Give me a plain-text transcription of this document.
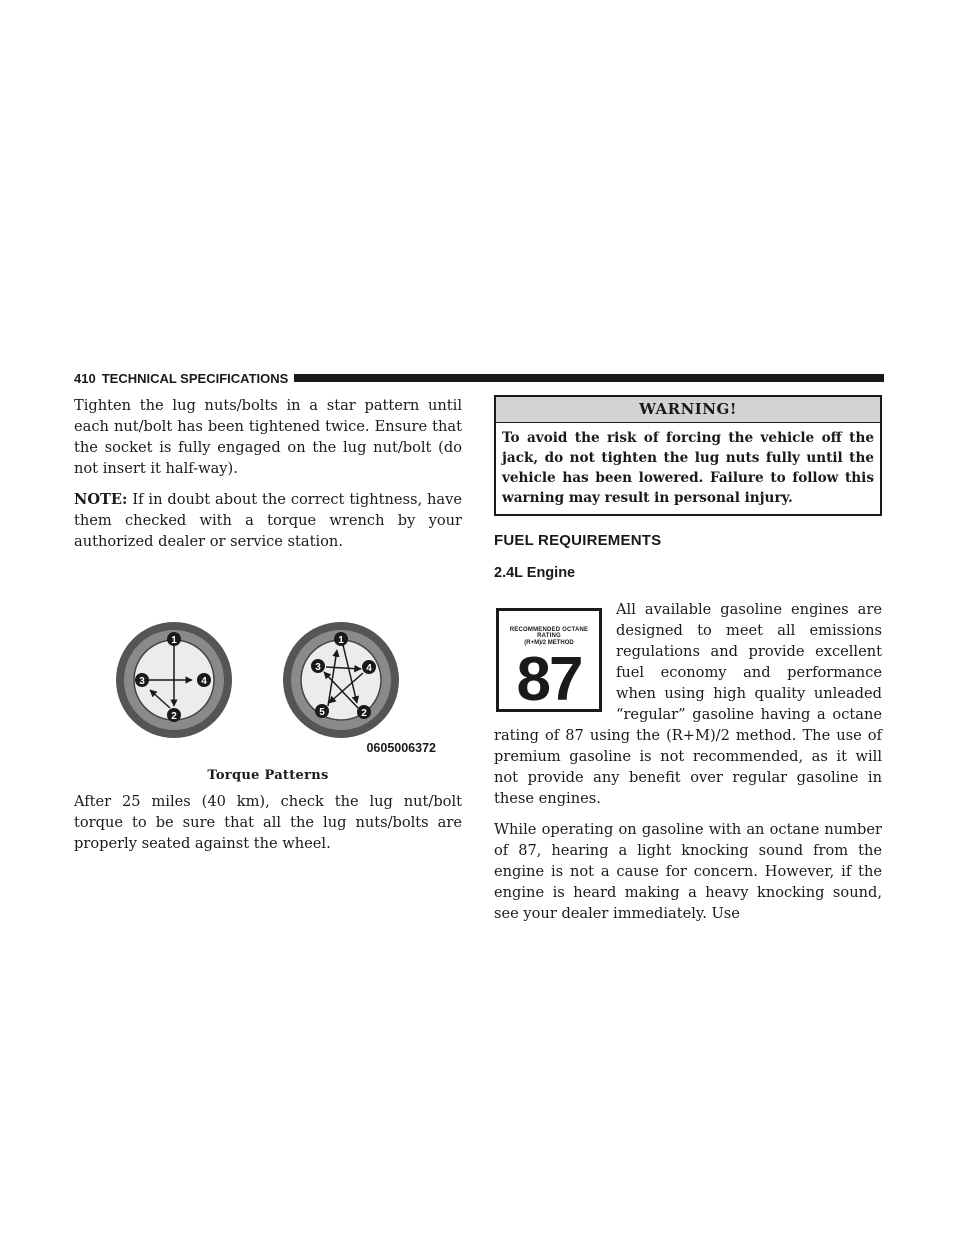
410 TECHNICAL SPECIFICATIONS

Tighten the lug nuts/bolts in a star pattern until each nut/bolt has been tightened twice. Ensure that the socket is fully engaged on the lug nut/bolt (do not insert it half-way).

NOTE: If in doubt about the correct tightness, have them checked with a torque wrench by your authorized dealer or service station.

1
2
3	4
1
2
3	4
5
0605006372
Torque Patterns

After 25 miles (40 km), check the lug nut/bolt torque to be sure that all the lug nuts/bolts are properly seated against the wheel.

WARNING!
To avoid the risk of forcing the vehicle off the jack, do not tighten the lug nuts fully until the vehicle has been lowered. Failure to follow this warning may result in personal injury.
FUEL REQUIREMENTS
2.4L Engine
RECOMMENDED OCTANE RATING
(R+M)/2 METHOD
87

All available gasoline engines are designed to meet all emissions regulations and provide excellent fuel economy and performance when using high quality unleaded “regular” gasoline having a octane rating of 87 using the (R+M)/2 method. The use of premium gasoline is not recommended, as it will not provide any benefit over regular gasoline in these engines.

While operating on gasoline with an octane number of 87, hearing a light knocking sound from the engine is not a cause for concern. However, if the engine is heard making a heavy knocking sound, see your dealer immediately. Use
